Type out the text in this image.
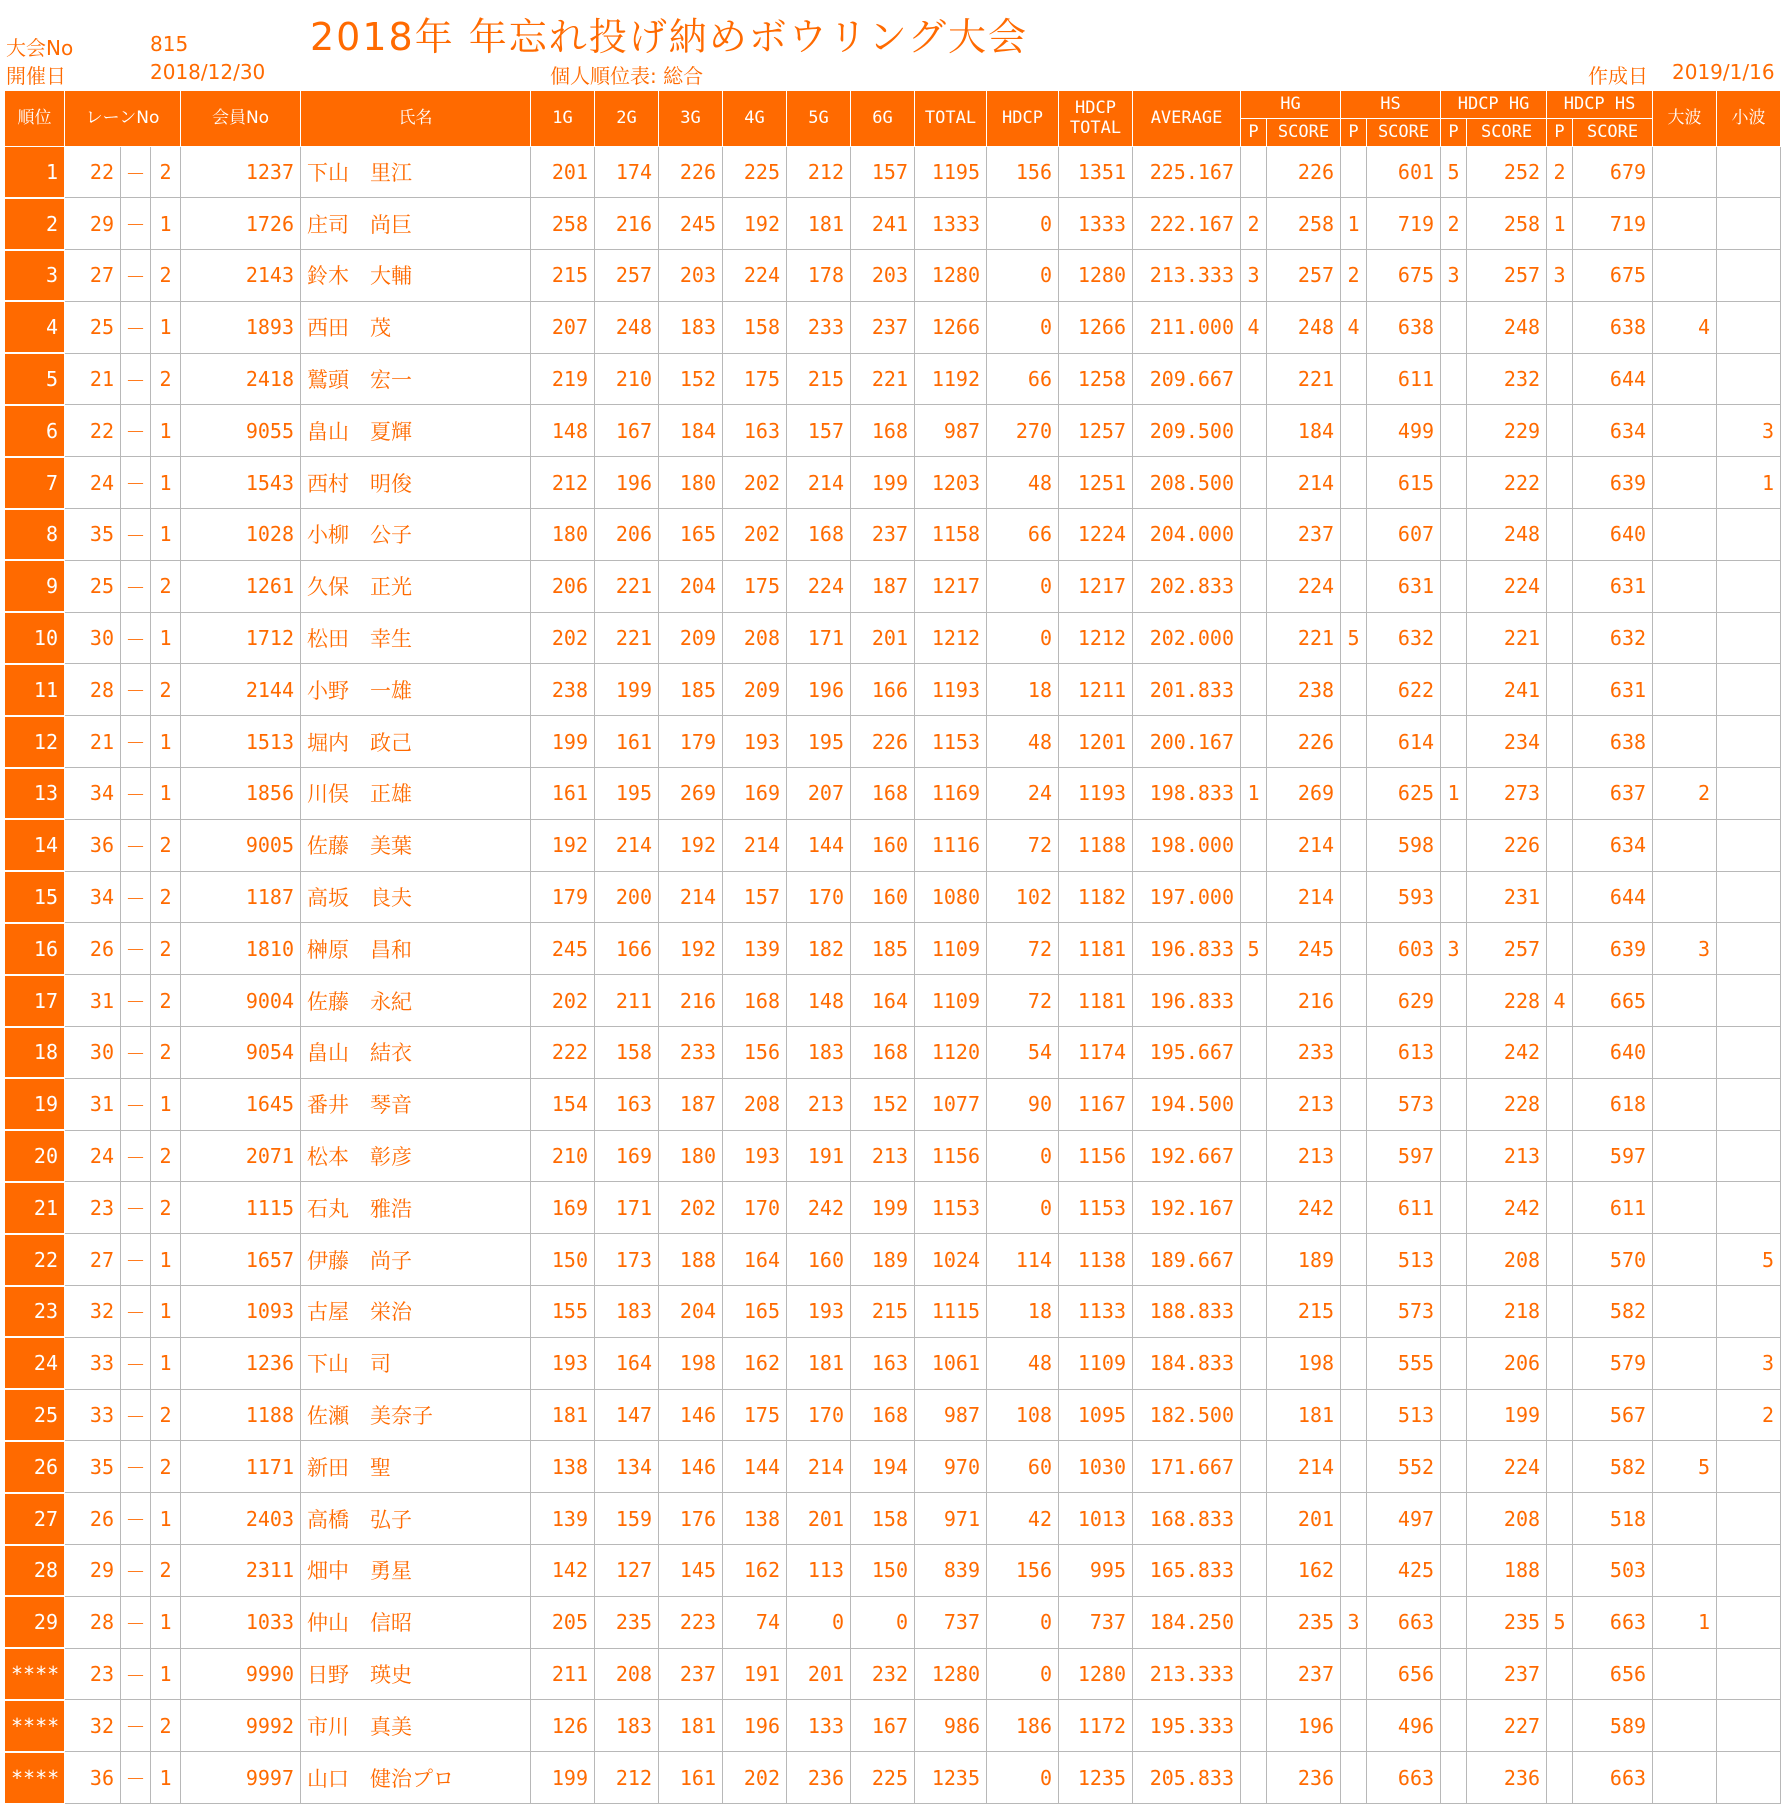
大会No	815
開催日	2018/12/30
2018年 年忘れ投げ納めボウリング大会
個人順位表: 総合	作成日 2019/1/16
順位	レーンNo			会員No	氏名	1G	2G	3G	4G	5G	6G	TOTAL	HDCP	HDCP
TOTAL	AVERAGE	HG		HS		HDCP HG		HDCP HS		大波	小波
																P	SCORE	P	SCORE	P	SCORE	P	SCORE		
1	22	－	2	1237	下山　里江	201	174	226	225	212	157	1195	156	1351	225.167		226		601	5	252	2	679		
2	29	－	1	1726	庄司　尚巨	258	216	245	192	181	241	1333	0	1333	222.167	2	258	1	719	2	258	1	719		
3	27	－	2	2143	鈴木　大輔	215	257	203	224	178	203	1280	0	1280	213.333	3	257	2	675	3	257	3	675		
4	25	－	1	1893	西田　茂	207	248	183	158	233	237	1266	0	1266	211.000	4	248	4	638		248		638	4	
5	21	－	2	2418	鷲頭　宏一	219	210	152	175	215	221	1192	66	1258	209.667		221		611		232		644		
6	22	－	1	9055	畠山　夏輝	148	167	184	163	157	168	987	270	1257	209.500		184		499		229		634		3
7	24	－	1	1543	西村　明俊	212	196	180	202	214	199	1203	48	1251	208.500		214		615		222		639		1
8	35	－	1	1028	小柳　公子	180	206	165	202	168	237	1158	66	1224	204.000		237		607		248		640		
9	25	－	2	1261	久保　正光	206	221	204	175	224	187	1217	0	1217	202.833		224		631		224		631		
10	30	－	1	1712	松田　幸生	202	221	209	208	171	201	1212	0	1212	202.000		221	5	632		221		632		
11	28	－	2	2144	小野　一雄	238	199	185	209	196	166	1193	18	1211	201.833		238		622		241		631		
12	21	－	1	1513	堀内　政己	199	161	179	193	195	226	1153	48	1201	200.167		226		614		234		638		
13	34	－	1	1856	川俣　正雄	161	195	269	169	207	168	1169	24	1193	198.833	1	269		625	1	273		637	2	
14	36	－	2	9005	佐藤　美葉	192	214	192	214	144	160	1116	72	1188	198.000		214		598		226		634		
15	34	－	2	1187	高坂　良夫	179	200	214	157	170	160	1080	102	1182	197.000		214		593		231		644		
16	26	－	2	1810	榊原　昌和	245	166	192	139	182	185	1109	72	1181	196.833	5	245		603	3	257		639	3	
17	31	－	2	9004	佐藤　永紀	202	211	216	168	148	164	1109	72	1181	196.833		216		629		228	4	665		
18	30	－	2	9054	畠山　結衣	222	158	233	156	183	168	1120	54	1174	195.667		233		613		242		640		
19	31	－	1	1645	番井　琴音	154	163	187	208	213	152	1077	90	1167	194.500		213		573		228		618		
20	24	－	2	2071	松本　彰彦	210	169	180	193	191	213	1156	0	1156	192.667		213		597		213		597		
21	23	－	2	1115	石丸　雅浩	169	171	202	170	242	199	1153	0	1153	192.167		242		611		242		611		
22	27	－	1	1657	伊藤　尚子	150	173	188	164	160	189	1024	114	1138	189.667		189		513		208		570		5
23	32	－	1	1093	古屋　栄治	155	183	204	165	193	215	1115	18	1133	188.833		215		573		218		582		
24	33	－	1	1236	下山　司	193	164	198	162	181	163	1061	48	1109	184.833		198		555		206		579		3
25	33	－	2	1188	佐瀬　美奈子	181	147	146	175	170	168	987	108	1095	182.500		181		513		199		567		2
26	35	－	2	1171	新田　聖	138	134	146	144	214	194	970	60	1030	171.667		214		552		224		582	5	
27	26	－	1	2403	高橋　弘子	139	159	176	138	201	158	971	42	1013	168.833		201		497		208		518		
28	29	－	2	2311	畑中　勇星	142	127	145	162	113	150	839	156	995	165.833		162		425		188		503		
29	28	－	1	1033	仲山　信昭	205	235	223	74	0	0	737	0	737	184.250		235	3	663		235	5	663	1	
****	23	－	1	9990	日野　瑛史	211	208	237	191	201	232	1280	0	1280	213.333		237		656		237		656		
****	32	－	2	9992	市川　真美	126	183	181	196	133	167	986	186	1172	195.333		196		496		227		589		
****	36	－	1	9997	山口　健治プロ	199	212	161	202	236	225	1235	0	1235	205.833		236		663		236		663		
